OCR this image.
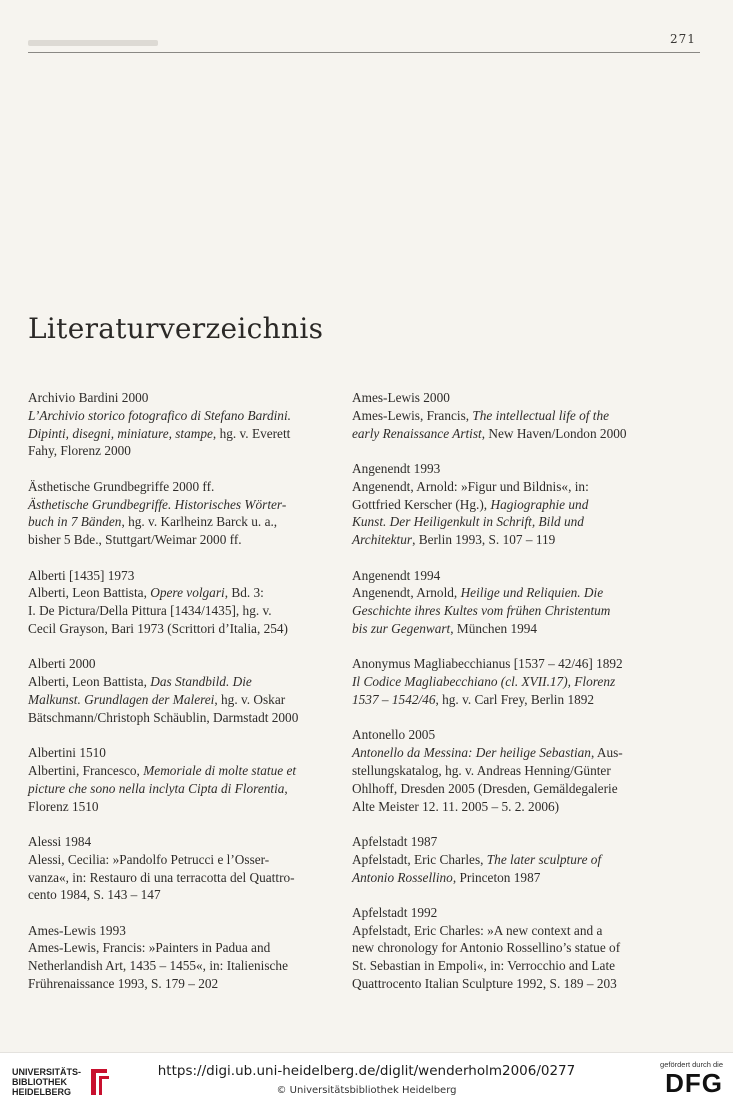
271
Literaturverzeichnis
Archivio Bardini 2000
L’Archivio storico fotografico di Stefano Bardini.
Dipinti, disegni, miniature, stampe, hg. v. Everett
Fahy, Florenz 2000
Ästhetische Grundbegriffe 2000 ff.
Ästhetische Grundbegriffe. Historisches Wörter-
buch in 7 Bänden, hg. v. Karlheinz Barck u. a.,
bisher 5 Bde., Stuttgart/Weimar 2000 ff.
Alberti [1435] 1973
Alberti, Leon Battista, Opere volgari, Bd. 3:
I. De Pictura/Della Pittura [1434/1435], hg. v.
Cecil Grayson, Bari 1973 (Scrittori d’Italia, 254)
Alberti 2000
Alberti, Leon Battista, Das Standbild. Die
Malkunst. Grundlagen der Malerei, hg. v. Oskar
Bätschmann/Christoph Schäublin, Darmstadt 2000
Albertini 1510
Albertini, Francesco, Memoriale di molte statue et
picture che sono nella inclyta Cipta di Florentia,
Florenz 1510
Alessi 1984
Alessi, Cecilia: »Pandolfo Petrucci e l’Osser-
vanza«, in: Restauro di una terracotta del Quattro-
cento 1984, S. 143 – 147
Ames-Lewis 1993
Ames-Lewis, Francis: »Painters in Padua and
Netherlandish Art, 1435 – 1455«, in: Italienische
Frührenaissance 1993, S. 179 – 202
Ames-Lewis 2000
Ames-Lewis, Francis, The intellectual life of the
early Renaissance Artist, New Haven/London 2000
Angenendt 1993
Angenendt, Arnold: »Figur und Bildnis«, in:
Gottfried Kerscher (Hg.), Hagiographie und
Kunst. Der Heiligenkult in Schrift, Bild und
Architektur, Berlin 1993, S. 107 – 119
Angenendt 1994
Angenendt, Arnold, Heilige und Reliquien. Die
Geschichte ihres Kultes vom frühen Christentum
bis zur Gegenwart, München 1994
Anonymus Magliabecchianus [1537 – 42/46] 1892
Il Codice Magliabecchiano (cl. XVII.17), Florenz
1537 – 1542/46, hg. v. Carl Frey, Berlin 1892
Antonello 2005
Antonello da Messina: Der heilige Sebastian, Aus-
stellungskatalog, hg. v. Andreas Henning/Günter
Ohlhoff, Dresden 2005 (Dresden, Gemäldegalerie
Alte Meister 12. 11. 2005 – 5. 2. 2006)
Apfelstadt 1987
Apfelstadt, Eric Charles, The later sculpture of
Antonio Rossellino, Princeton 1987
Apfelstadt 1992
Apfelstadt, Eric Charles: »A new context and a
new chronology for Antonio Rossellino’s statue of
St. Sebastian in Empoli«, in: Verrocchio and Late
Quattrocento Italian Sculpture 1992, S. 189 – 203
UNIVERSITÄTS-
BIBLIOTHEK
HEIDELBERG
https://digi.ub.uni-heidelberg.de/diglit/wenderholm2006/0277
© Universitätsbibliothek Heidelberg
gefördert durch die
DFG
